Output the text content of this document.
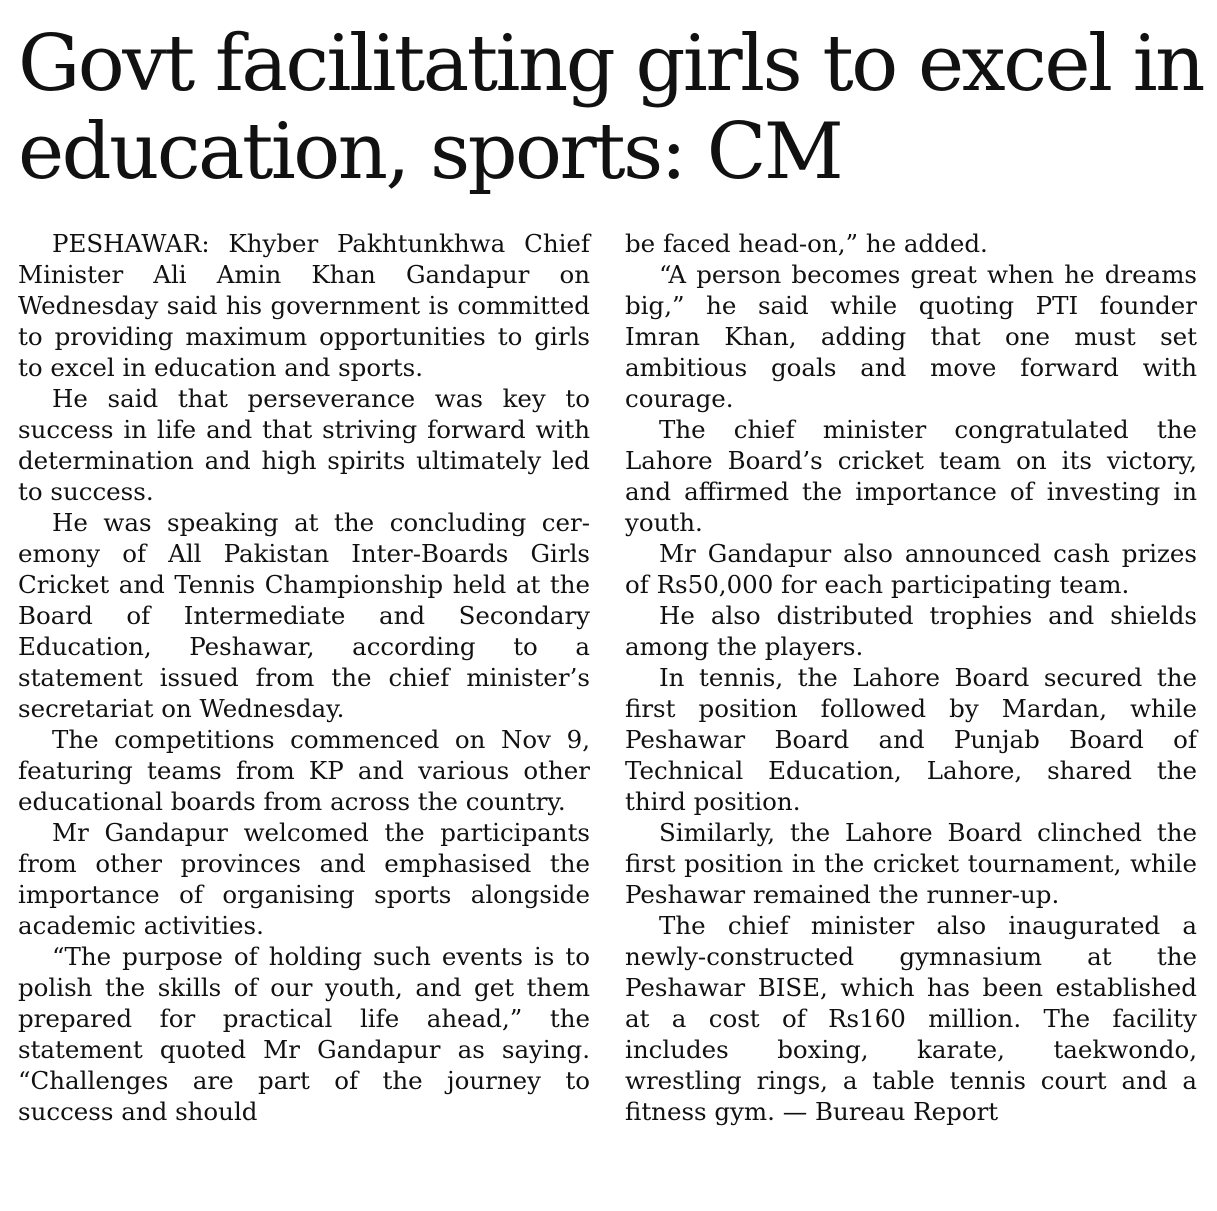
Govt facilitating girls to excel in education, sports: CM

PESHAWAR: Khyber Pakhtunkhwa Chief Minister Ali Amin Khan Gandapur on Wednesday said his government is committed to providing maximum opportunities to girls to excel in education and sports.

He said that perseverance was key to success in life and that striving forward with determination and high spirits ultimately led to success.

He was speaking at the concluding ceremony of All Pakistan Inter-Boards Girls Cricket and Tennis Championship held at the Board of Intermediate and Secondary Education, Peshawar, according to a statement issued from the chief minister’s secretariat on Wednesday.

The competitions commenced on Nov 9, featuring teams from KP and various other educational boards from across the country.

Mr Gandapur welcomed the participants from other provinces and emphasised the importance of organising sports alongside academic activities.

“The purpose of holding such events is to polish the skills of our youth, and get them prepared for practical life ahead,” the statement quoted Mr Gandapur as saying. “Challenges are part of the journey to success and should

be faced head-on,” he added.

“A person becomes great when he dreams big,” he said while quoting PTI founder Imran Khan, adding that one must set ambitious goals and move forward with courage.

The chief minister congratulated the Lahore Board’s cricket team on its victory, and affirmed the importance of investing in youth.

Mr Gandapur also announced cash prizes of Rs50,000 for each participating team.

He also distributed trophies and shields among the players.

In tennis, the Lahore Board secured the first position followed by Mardan, while Peshawar Board and Punjab Board of Technical Education, Lahore, shared the third position.

Similarly, the Lahore Board clinched the first position in the cricket tournament, while Peshawar remained the runner-up.

The chief minister also inaugurated a newly-constructed gymnasium at the Peshawar BISE, which has been established at a cost of Rs160 million. The facility includes boxing, karate, taekwondo, wrestling rings, a table tennis court and a fitness gym. — Bureau Report
